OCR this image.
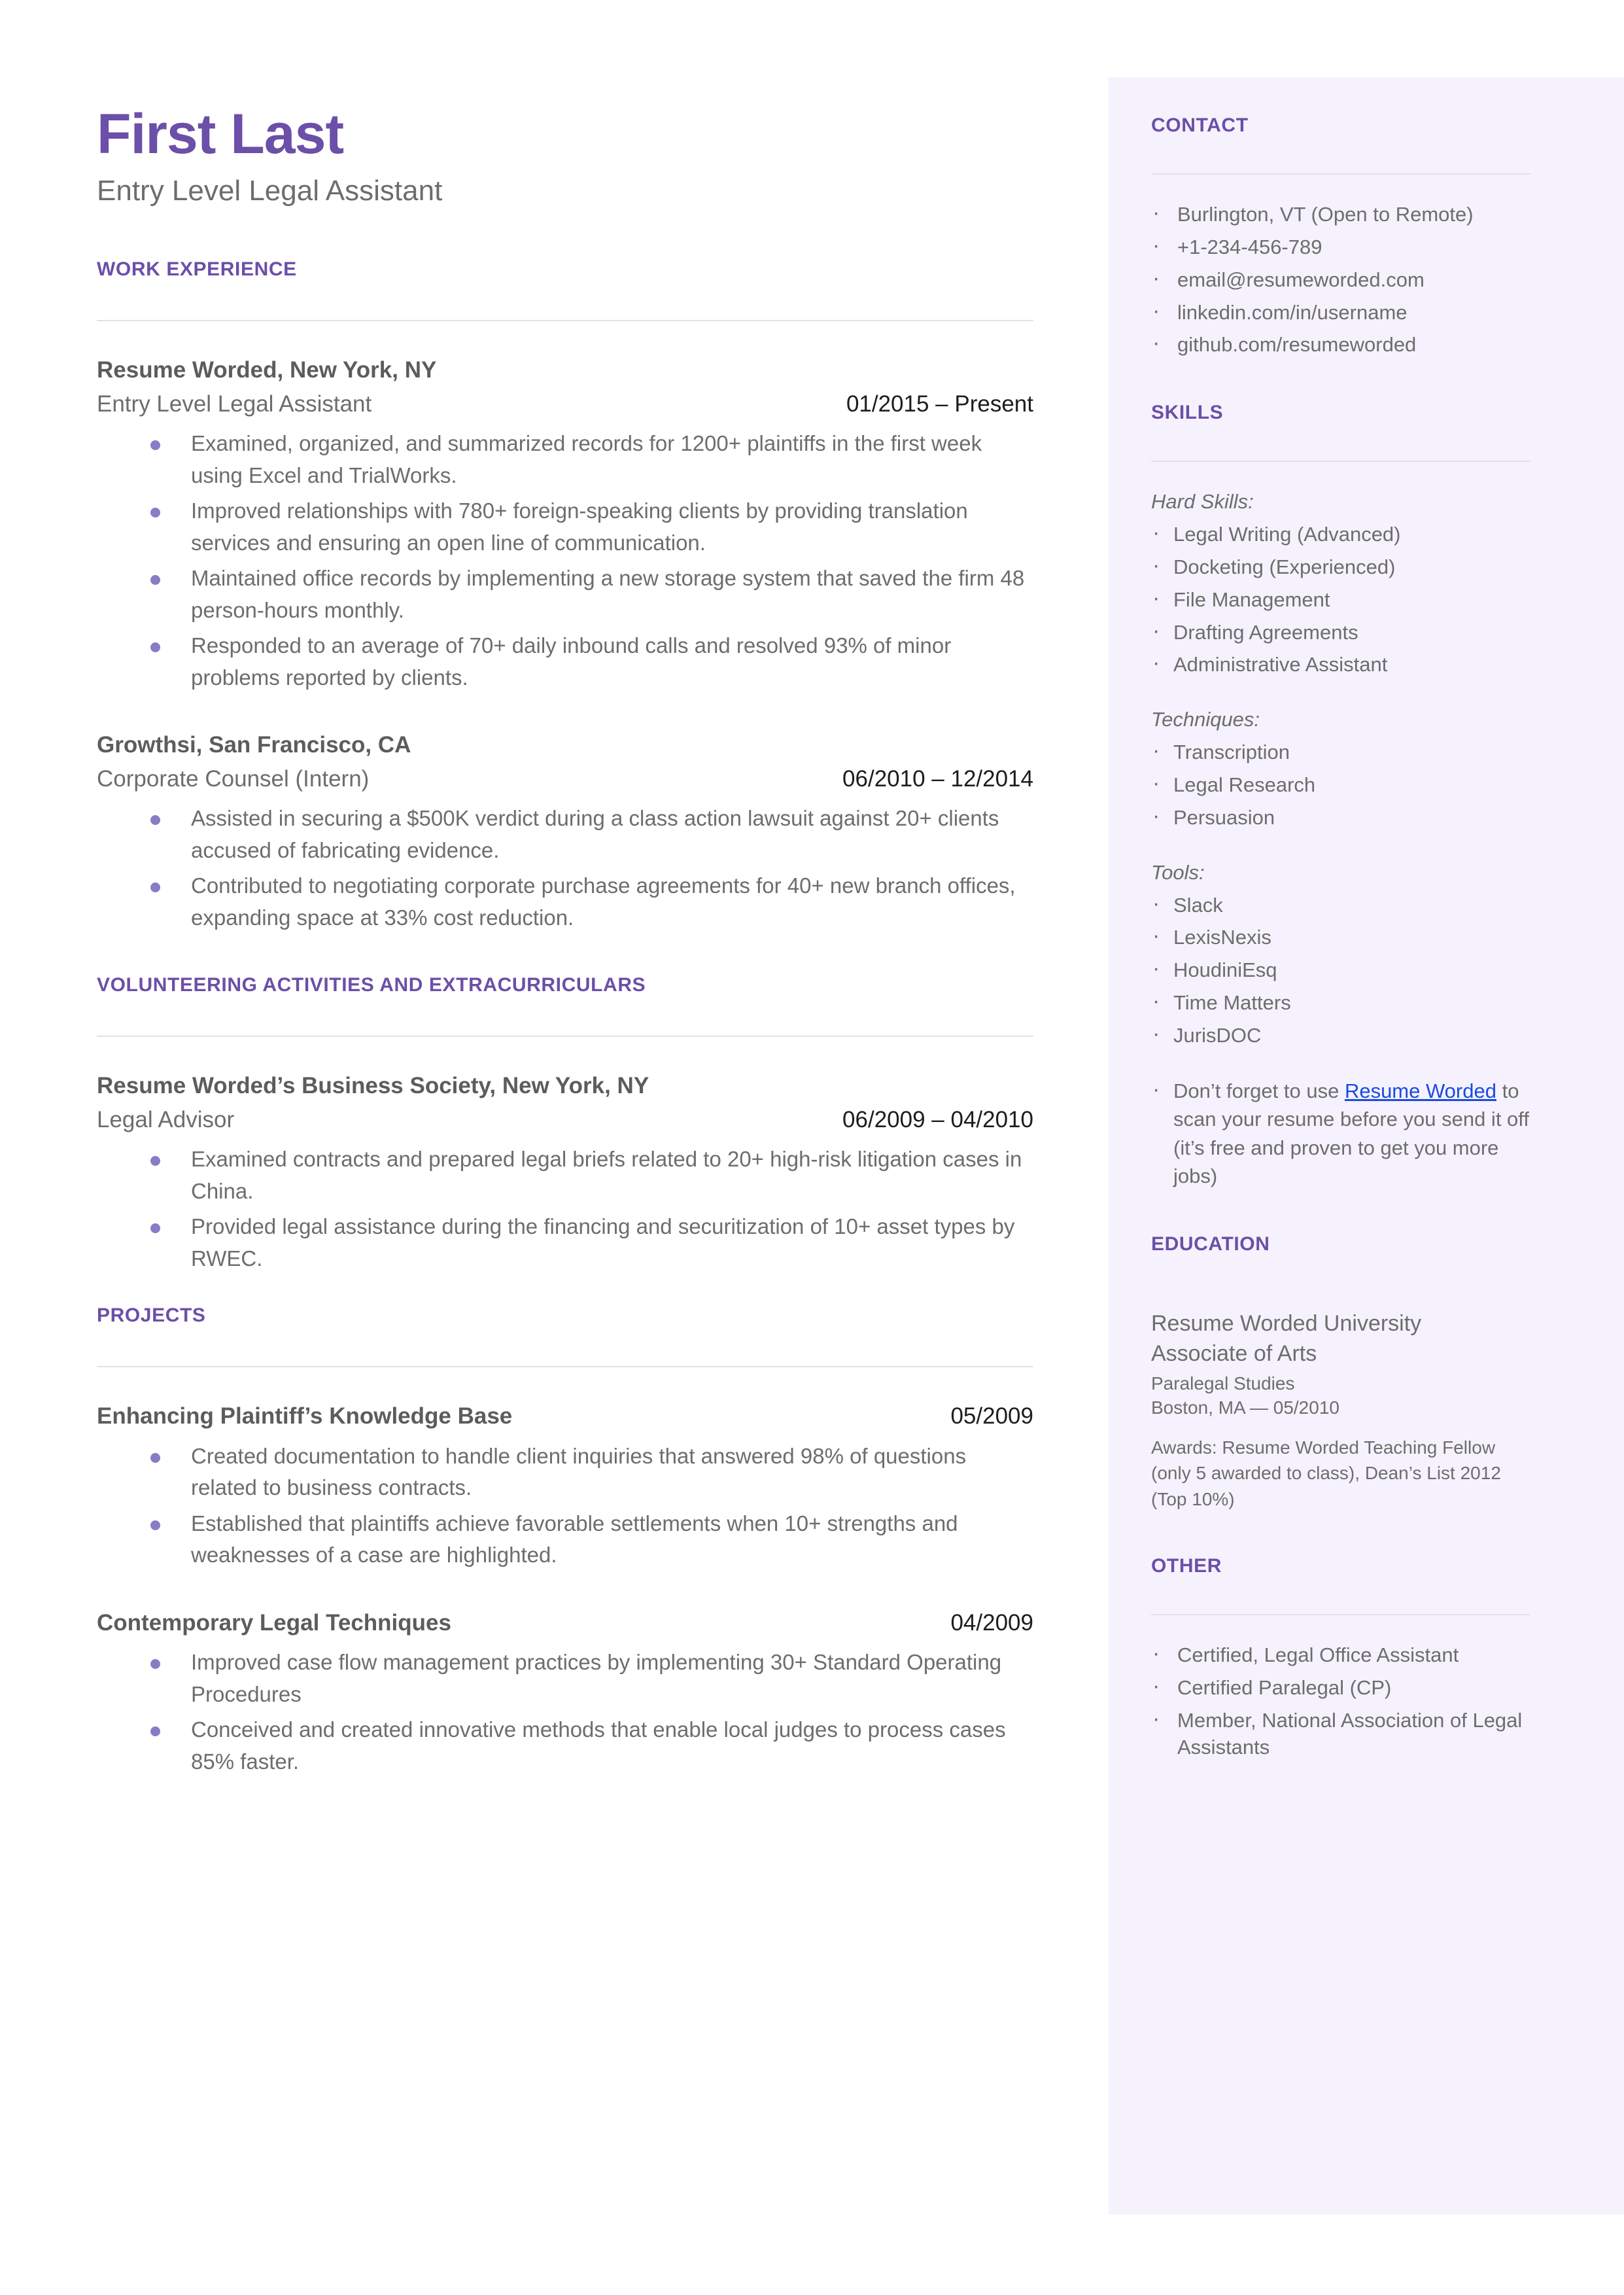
First Last
Entry Level Legal Assistant
WORK EXPERIENCE
Resume Worded, New York, NY
Entry Level Legal Assistant	01/2015 – Present
Examined, organized, and summarized records for 1200+ plaintiffs in the first week using Excel and TrialWorks.
Improved relationships with 780+ foreign-speaking clients by providing translation services and ensuring an open line of communication.
Maintained office records by implementing a new storage system that saved the firm 48 person-hours monthly.
Responded to an average of 70+ daily inbound calls and resolved 93% of minor problems reported by clients.
Growthsi, San Francisco, CA
Corporate Counsel (Intern)	06/2010 – 12/2014
Assisted in securing a $500K verdict during a class action lawsuit against 20+ clients accused of fabricating evidence.
Contributed to negotiating corporate purchase agreements for 40+ new branch offices, expanding space at 33% cost reduction.
VOLUNTEERING ACTIVITIES AND EXTRACURRICULARS
Resume Worded’s Business Society, New York, NY
Legal Advisor	06/2009 – 04/2010
Examined contracts and prepared legal briefs related to 20+ high-risk litigation cases in China.
Provided legal assistance during the financing and securitization of 10+ asset types by RWEC.
PROJECTS
Enhancing Plaintiff’s Knowledge Base	05/2009
Created documentation to handle client inquiries that answered 98% of questions related to business contracts.
Established that plaintiffs achieve favorable settlements when 10+ strengths and weaknesses of a case are highlighted.
Contemporary Legal Techniques	04/2009
Improved case flow management practices by implementing 30+ Standard Operating Procedures
Conceived and created innovative methods that enable local judges to process cases 85% faster.
CONTACT
· Burlington, VT (Open to Remote)
· +1-234-456-789
· email@resumeworded.com
· linkedin.com/in/username
· github.com/resumeworded
SKILLS
Hard Skills:
· Legal Writing (Advanced)
· Docketing (Experienced)
· File Management
· Drafting Agreements
· Administrative Assistant
Techniques:
· Transcription
· Legal Research
· Persuasion
Tools:
· Slack
· LexisNexis
· HoudiniEsq
· Time Matters
· JurisDOC
· Don’t forget to use Resume Worded to scan your resume before you send it off (it’s free and proven to get you more jobs)
EDUCATION
Resume Worded University
Associate of Arts
Paralegal Studies
Boston, MA — 05/2010
Awards: Resume Worded Teaching Fellow (only 5 awarded to class), Dean’s List 2012 (Top 10%)
OTHER
· Certified, Legal Office Assistant
· Certified Paralegal (CP)
· Member, National Association of Legal Assistants
